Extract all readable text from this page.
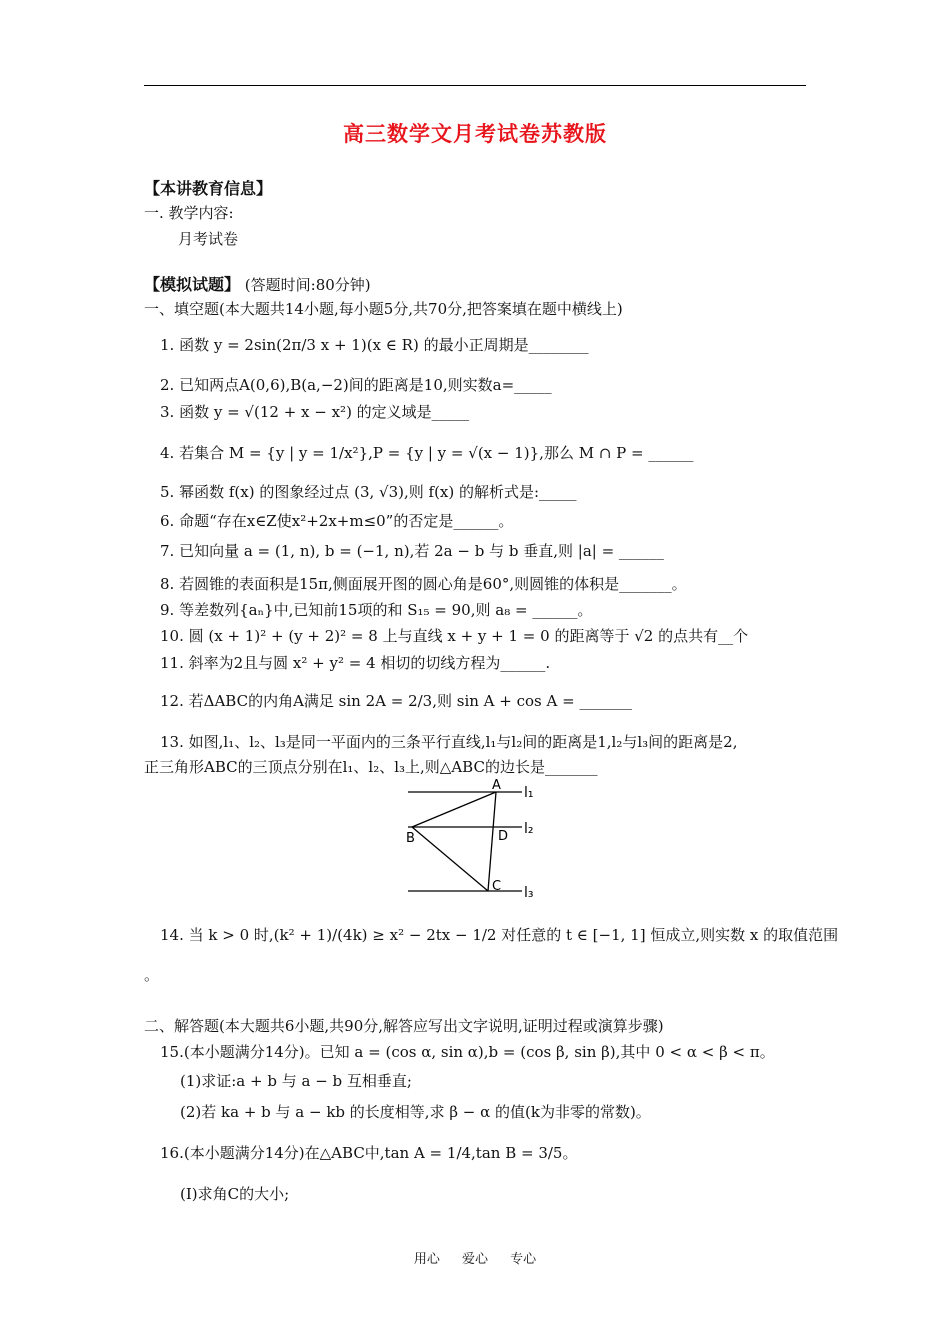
高三数学文月考试卷苏教版
【本讲教育信息】
一. 教学内容:
月考试卷
【模拟试题】 (答题时间:80分钟)
一、填空题(本大题共14小题,每小题5分,共70分,把答案填在题中横线上)
1. 函数 y = 2sin(2π/3 x + 1)(x ∈ R) 的最小正周期是________
2. 已知两点A(0,6),B(a,−2)间的距离是10,则实数a=_____
3. 函数 y = √(12 + x − x²) 的定义域是_____
4. 若集合 M = {y | y = 1/x²},P = {y | y = √(x − 1)},那么 M ∩ P = ______
5. 幂函数 f(x) 的图象经过点 (3, √3),则 f(x) 的解析式是:_____
6. 命题“存在x∈Z使x²+2x+m≤0”的否定是______。
7. 已知向量 a = (1, n), b = (−1, n),若 2a − b 与 b 垂直,则 |a| = ______
8. 若圆锥的表面积是15π,侧面展开图的圆心角是60°,则圆锥的体积是_______。
9. 等差数列{aₙ}中,已知前15项的和 S₁₅ = 90,则 a₈ = ______。
10. 圆 (x + 1)² + (y + 2)² = 8 上与直线 x + y + 1 = 0 的距离等于 √2 的点共有__个
11. 斜率为2且与圆 x² + y² = 4 相切的切线方程为______.
12. 若ΔABC的内角A满足 sin 2A = 2/3,则 sin A + cos A = _______
13. 如图,l₁、l₂、l₃是同一平面内的三条平行直线,l₁与l₂间的距离是1,l₂与l₃间的距离是2,
正三角形ABC的三顶点分别在l₁、l₂、l₃上,则△ABC的边长是_______
A
B
C
D
l₁
l₂
l₃
14. 当 k > 0 时,(k² + 1)/(4k) ≥ x² − 2tx − 1/2 对任意的 t ∈ [−1, 1] 恒成立,则实数 x 的取值范围
。
二、解答题(本大题共6小题,共90分,解答应写出文字说明,证明过程或演算步骤)
15.(本小题满分14分)。已知 a = (cos α, sin α),b = (cos β, sin β),其中 0 < α < β < π。
(1)求证:a + b 与 a − b 互相垂直;
(2)若 ka + b 与 a − kb 的长度相等,求 β − α 的值(k为非零的常数)。
16.(本小题满分14分)在△ABC中,tan A = 1/4,tan B = 3/5。
(Ⅰ)求角C的大小;
用心 爱心 专心
